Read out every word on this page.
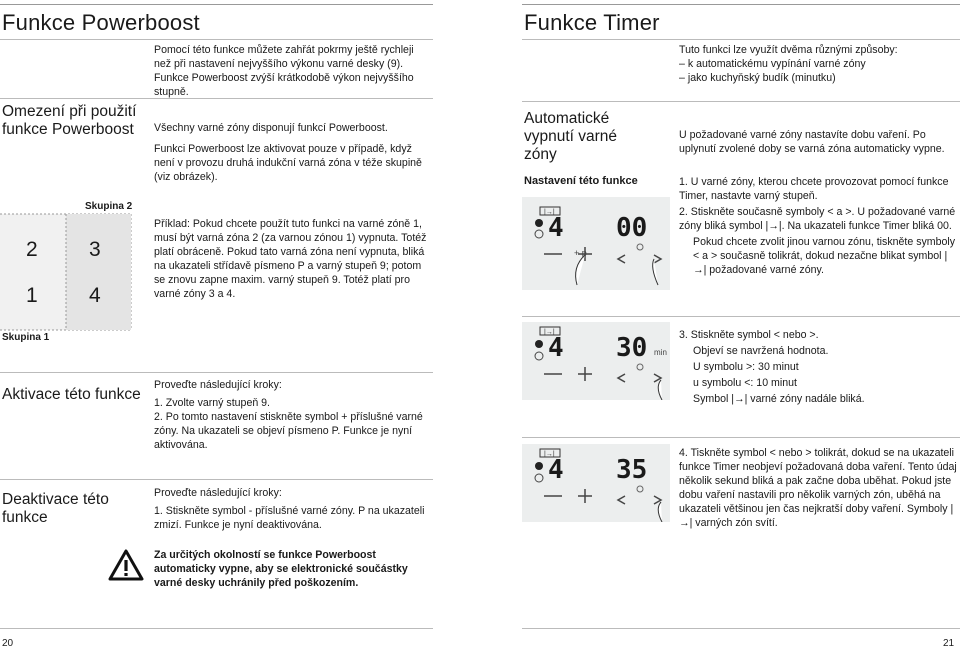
Funkce Powerboost

Pomocí této funkce můžete zahřát pokrmy ještě rychleji než při nastavení nejvyššího výkonu varné desky (9).

Funkce Powerboost zvýší krátkodobě výkon nejvyššího stupně.

Omezení při použití funkce Powerboost	Všechny varné zóny disponují funkcí Powerboost.

Funkci Powerboost lze aktivovat pouze v případě, když není v provozu druhá indukční varná zóna v téže skupině (viz obrázek).

Skupina 2
2 3
1 4
Skupina 1
Příklad: Pokud chcete použít tuto funkci na varné zóně 1, musí být varná zóna 2 (za varnou zónou 1) vypnuta. Totéž platí obráceně. Pokud tato varná zóna není vypnuta, bliká na ukazateli střídavě písmeno P a varný stupeň 9; potom se znovu zapne maxim. varný stupeň 9. Totéž platí pro varné zóny 3 a 4.
Aktivace této funkce

Proveďte následující kroky:

1. Zvolte varný stupeň 9.

2. Po tomto nastavení stiskněte symbol + příslušné varné zóny. Na ukazateli se objeví písmeno P. Funkce je nyní aktivována.

Deaktivace této funkce

Proveďte následující kroky:

1. Stiskněte symbol - příslušné varné zóny. P na ukazateli zmizí. Funkce je nyní deaktivována.

Za určitých okolností se funkce Powerboost automaticky vypne, aby se elektronické součástky varné desky uchránily před poškozením.
20
Funkce Timer

Tuto funkci lze využít dvěma různými způsoby:

– k automatickému vypínání varné zóny

– jako kuchyňský budík (minutku)

Automatické vypnutí varné zóny
U požadované varné zóny nastavíte dobu vaření. Po uplynutí zvolené doby se varná zóna automaticky vypne.
Nastavení této funkce	1. U varné zóny, kterou chcete provozovat pomocí funkce Timer, nastavte varný stupeň.

2. Stiskněte současně symboly < a >. U požadované varné zóny bliká symbol |→|. Na ukazateli funkce Timer bliká 00.

Pokud chcete zvolit jinou varnou zónu, tiskněte symboly < a > současně tolikrát, dokud nezačne blikat symbol |→| požadované varné zóny.

|→|
4 00
+ p
|→|
4 30 min

3. Stiskněte symbol < nebo >.

Objeví se navržená hodnota.

U symbolu >: 30 minut

u symbolu <: 10 minut

Symbol |→| varné zóny nadále bliká.

|→|
4 35
4. Tiskněte symbol < nebo > tolikrát, dokud se na ukazateli funkce Timer neobjeví požadovaná doba vaření. Tento údaj několik sekund bliká a pak začne doba uběhat. Pokud jste dobu vaření nastavili pro několik varných zón, uběhá na ukazateli většinou jen čas nejkratší doby vaření. Symboly |→| varných zón svítí.
21
